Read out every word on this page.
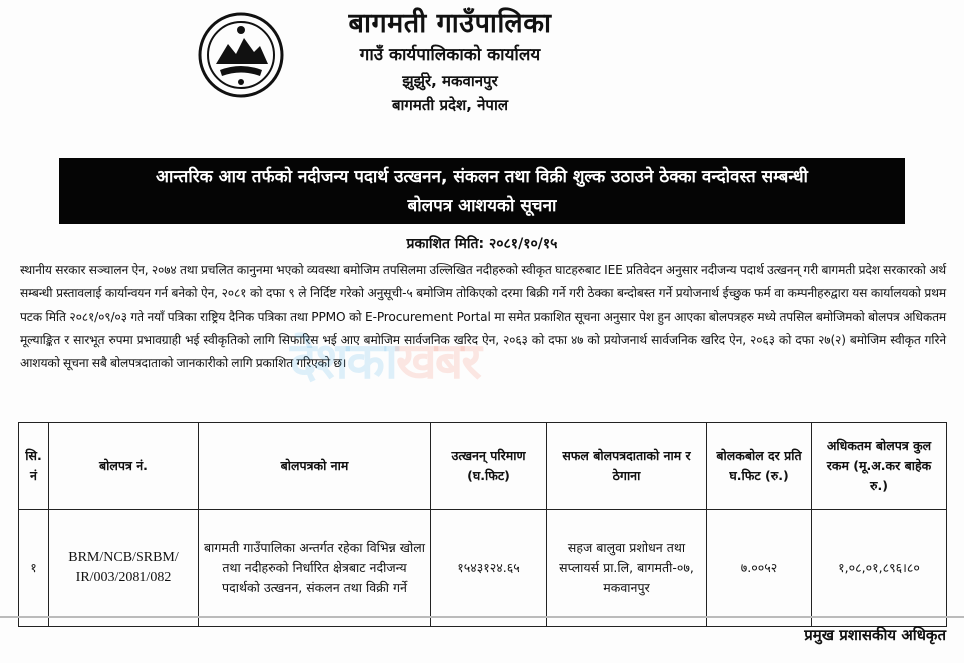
बागमती गाउँपालिका
गाउँ कार्यपालिकाको कार्यालय
झुर्झुरे, मकवानपुर
बागमती प्रदेश, नेपाल
आन्तरिक आय तर्फको नदीजन्य पदार्थ उत्खनन, संकलन तथा विक्री शुल्क उठाउने ठेक्का वन्दोवस्त सम्बन्धी
बोलपत्र आशयको सूचना
प्रकाशित मिति: २०८१/१०/१५
स्थानीय सरकार सञ्चालन ऐन, २०७४ तथा प्रचलित कानुनमा भएको व्यवस्था बमोजिम तपसिलमा उल्लिखित नदीहरुको स्वीकृत घाटहरुबाट IEE प्रतिवेदन अनुसार नदीजन्य पदार्थ उत्खनन् गरी बागमती प्रदेश सरकारको अर्थ सम्बन्धी प्रस्तावलाई कार्यान्वयन गर्न बनेको ऐन, २०८१ को दफा ९ ले निर्दिष्ट गरेको अनुसूची-५ बमोजिम तोकिएको दरमा बिक्री गर्ने गरी ठेक्का बन्दोबस्त गर्ने प्रयोजनार्थ ईच्छुक फर्म वा कम्पनीहरुद्वारा यस कार्यालयको प्रथम पटक मिति २०८१/०९/०३ गते नयाँ पत्रिका राष्ट्रिय दैनिक पत्रिका तथा PPMO को E-Procurement Portal मा समेत प्रकाशित सूचना अनुसार पेश हुन आएका बोलपत्रहरु मध्ये तपसिल बमोजिमको बोलपत्र अधिकतम मूल्याङ्कित र सारभूत रुपमा प्रभावग्राही भई स्वीकृतिको लागि सिफारिस भई आए बमोजिम सार्वजनिक खरिद ऐन, २०६३ को दफा ४७ को प्रयोजनार्थ सार्वजनिक खरिद ऐन, २०६३ को दफा २७(२) बमोजिम स्वीकृत गरिने आशयको सूचना सबै बोलपत्रदाताको जानकारीको लागि प्रकाशित गरिएको छ।
देशकाखबर
सि. नं	बोलपत्र नं.	बोलपत्रको नाम	उत्खनन् परिमाण (घ.फिट)	सफल बोलपत्रदाताको नाम र ठेगाना	बोलकबोल दर प्रति घ.फिट (रु.)	अधिकतम बोलपत्र कुल रकम (मू.अ.कर बाहेक रु.)
१	BRM/NCB/SRBM/ IR/003/2081/082	बागमती गाउँपालिका अन्तर्गत रहेका विभिन्न खोला तथा नदीहरुको निर्धारित क्षेत्रबाट नदीजन्य पदार्थको उत्खनन, संकलन तथा विक्री गर्ने	१५४३१२४.६५	सहज बालुवा प्रशोधन तथा सप्लायर्स प्रा.लि, बागमती-०७, मकवानपुर	७.००५२	१,०८,०१,८९६।८०
प्रमुख प्रशासकीय अधिकृत
